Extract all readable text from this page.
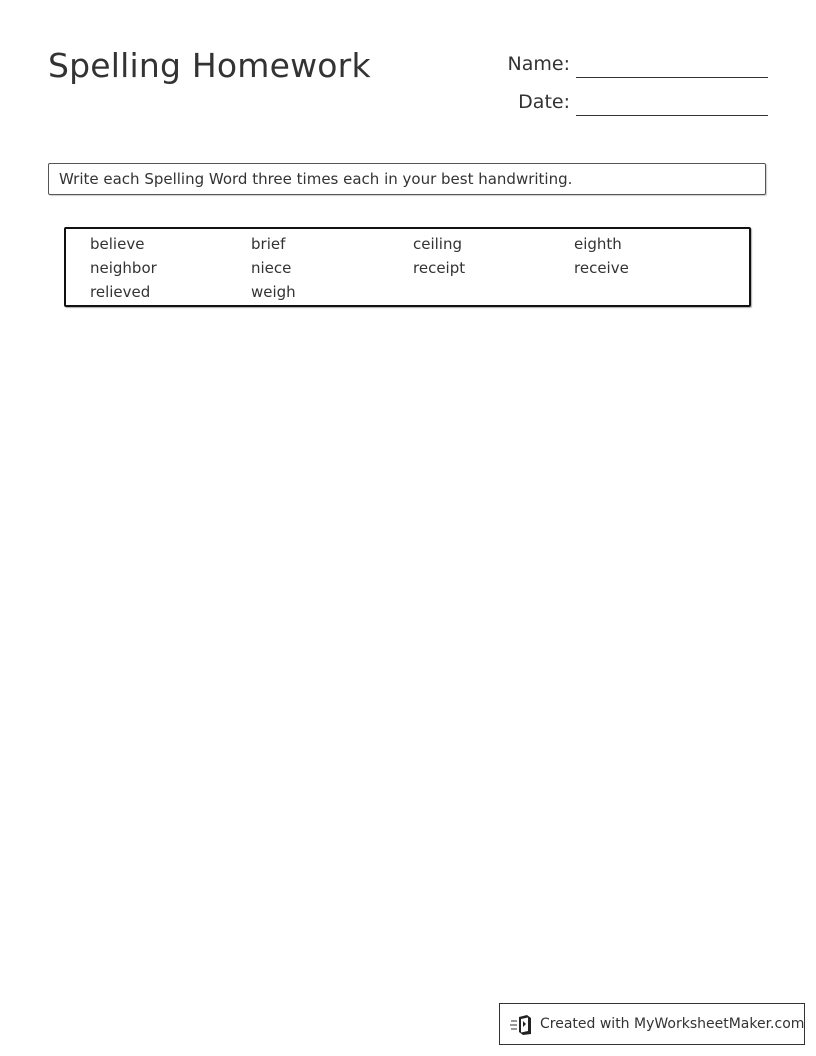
Spelling Homework	Name:
Date:
Write each Spelling Word three times each in your best handwriting.
believe	brief	ceiling	eighth
neighbor	niece	receipt	receive
relieved	weigh
Created with MyWorksheetMaker.com
